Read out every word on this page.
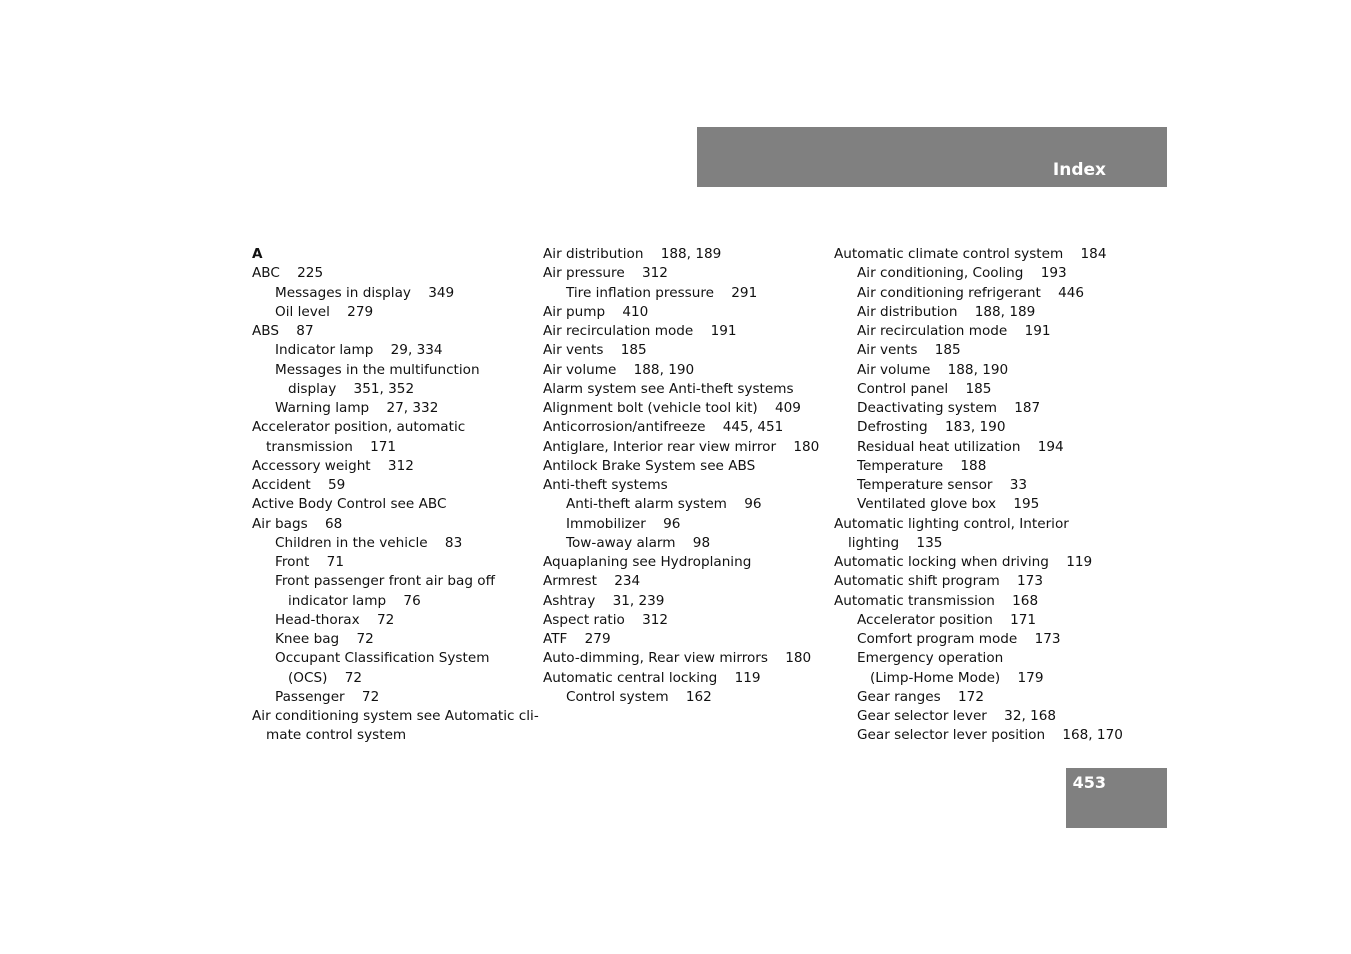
Index
A
ABC    225
Messages in display    349
Oil level    279
ABS    87
Indicator lamp    29, 334
Messages in the multifunction
display    351, 352
Warning lamp    27, 332
Accelerator position, automatic
transmission    171
Accessory weight    312
Accident    59
Active Body Control see ABC
Air bags    68
Children in the vehicle    83
Front    71
Front passenger front air bag off
indicator lamp    76
Head-thorax    72
Knee bag    72
Occupant Classification System
(OCS)    72
Passenger    72
Air conditioning system see Automatic cli-
mate control system
Air distribution    188, 189
Air pressure    312
Tire inflation pressure    291
Air pump    410
Air recirculation mode    191
Air vents    185
Air volume    188, 190
Alarm system see Anti-theft systems
Alignment bolt (vehicle tool kit)    409
Anticorrosion/antifreeze    445, 451
Antiglare, Interior rear view mirror    180
Antilock Brake System see ABS
Anti-theft systems
Anti-theft alarm system    96
Immobilizer    96
Tow-away alarm    98
Aquaplaning see Hydroplaning
Armrest    234
Ashtray    31, 239
Aspect ratio    312
ATF    279
Auto-dimming, Rear view mirrors    180
Automatic central locking    119
Control system    162
Automatic climate control system    184
Air conditioning, Cooling    193
Air conditioning refrigerant    446
Air distribution    188, 189
Air recirculation mode    191
Air vents    185
Air volume    188, 190
Control panel    185
Deactivating system    187
Defrosting    183, 190
Residual heat utilization    194
Temperature    188
Temperature sensor    33
Ventilated glove box    195
Automatic lighting control, Interior
lighting    135
Automatic locking when driving    119
Automatic shift program    173
Automatic transmission    168
Accelerator position    171
Comfort program mode    173
Emergency operation
(Limp-Home Mode)    179
Gear ranges    172
Gear selector lever    32, 168
Gear selector lever position    168, 170
453
